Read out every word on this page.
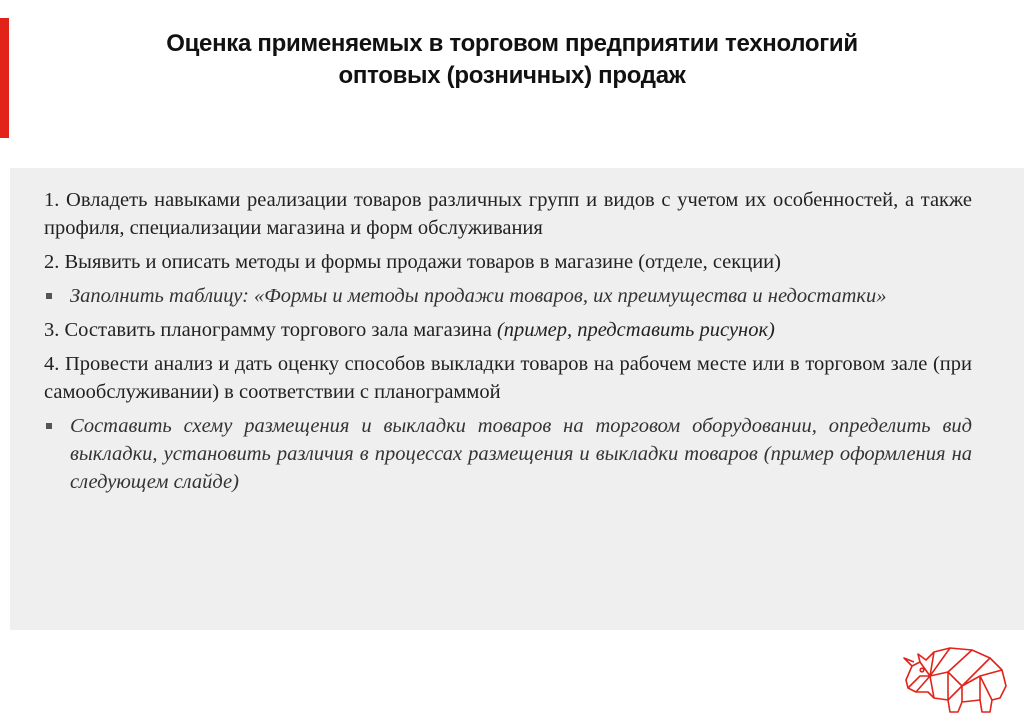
Оценка применяемых в торговом предприятии технологий
оптовых (розничных) продаж

1. Овладеть навыками реализации товаров различных групп и видов с учетом их особенностей, а также профиля, специализации магазина и форм обслуживания

2. Выявить и описать методы и формы продажи товаров в магазине (отделе, секции)

Заполнить таблицу: «Формы и методы продажи товаров, их преимущества и недостатки»

3. Составить планограмму торгового зала магазина (пример, представить рисунок)

4. Провести анализ и дать оценку способов выкладки товаров на рабочем месте или в торговом зале (при самообслуживании) в соответствии с планограммой

Составить схему размещения и выкладки товаров на торговом оборудовании, определить вид выкладки, установить различия в процессах размещения и выкладки товаров (пример оформления на следующем слайде)
